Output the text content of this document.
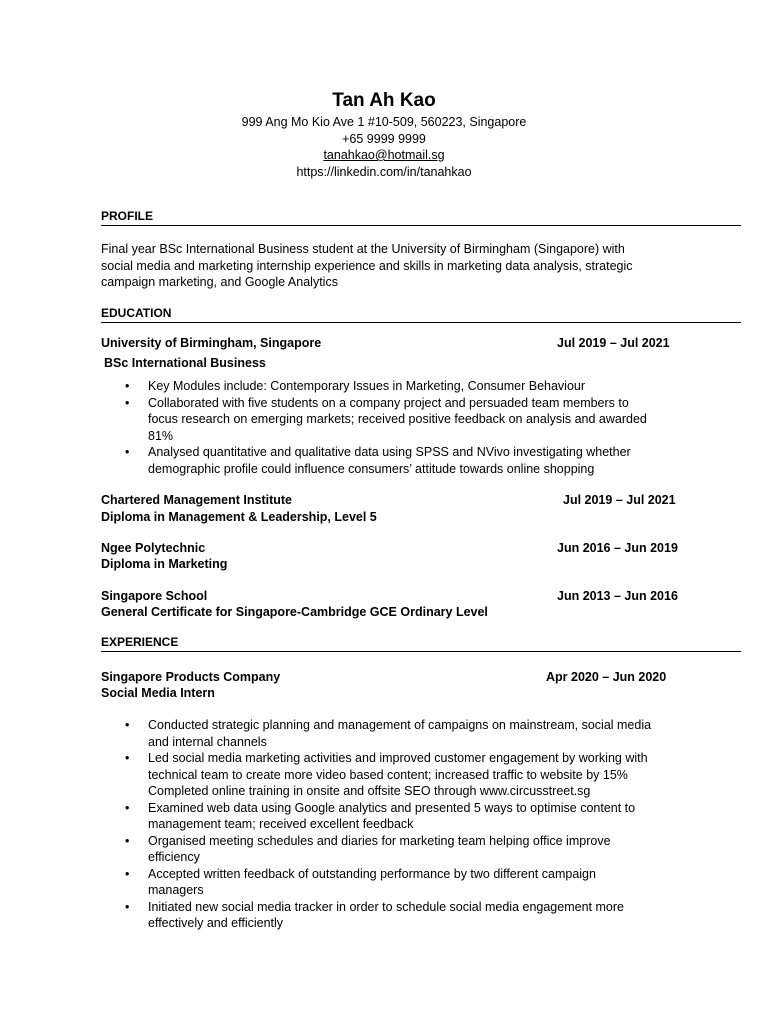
Tan Ah Kao
999 Ang Mo Kio Ave 1 #10-509, 560223, Singapore
+65 9999 9999
tanahkao@hotmail.sg
https://linkedin.com/in/tanahkao
PROFILE
Final year BSc International Business student at the University of Birmingham (Singapore) with
social media and marketing internship experience and skills in marketing data analysis, strategic
campaign marketing, and Google Analytics
EDUCATION
University of Birmingham, Singapore	Jul 2019 – Jul 2021
BSc International Business
• Key Modules include: Contemporary Issues in Marketing, Consumer Behaviour
• Collaborated with five students on a company project and persuaded team members to
focus research on emerging markets; received positive feedback on analysis and awarded
81%
• Analysed quantitative and qualitative data using SPSS and NVivo investigating whether
demographic profile could influence consumers’ attitude towards online shopping
Chartered Management Institute	Jul 2019 – Jul 2021
Diploma in Management & Leadership, Level 5
Ngee Polytechnic	Jun 2016 – Jun 2019
Diploma in Marketing
Singapore School	Jun 2013 – Jun 2016
General Certificate for Singapore-Cambridge GCE Ordinary Level
EXPERIENCE
Singapore Products Company	Apr 2020 – Jun 2020
Social Media Intern
• Conducted strategic planning and management of campaigns on mainstream, social media
and internal channels
• Led social media marketing activities and improved customer engagement by working with
technical team to create more video based content; increased traffic to website by 15%
Completed online training in onsite and offsite SEO through www.circusstreet.sg
• Examined web data using Google analytics and presented 5 ways to optimise content to
management team; received excellent feedback
• Organised meeting schedules and diaries for marketing team helping office improve
efficiency
• Accepted written feedback of outstanding performance by two different campaign
managers
• Initiated new social media tracker in order to schedule social media engagement more
effectively and efficiently
